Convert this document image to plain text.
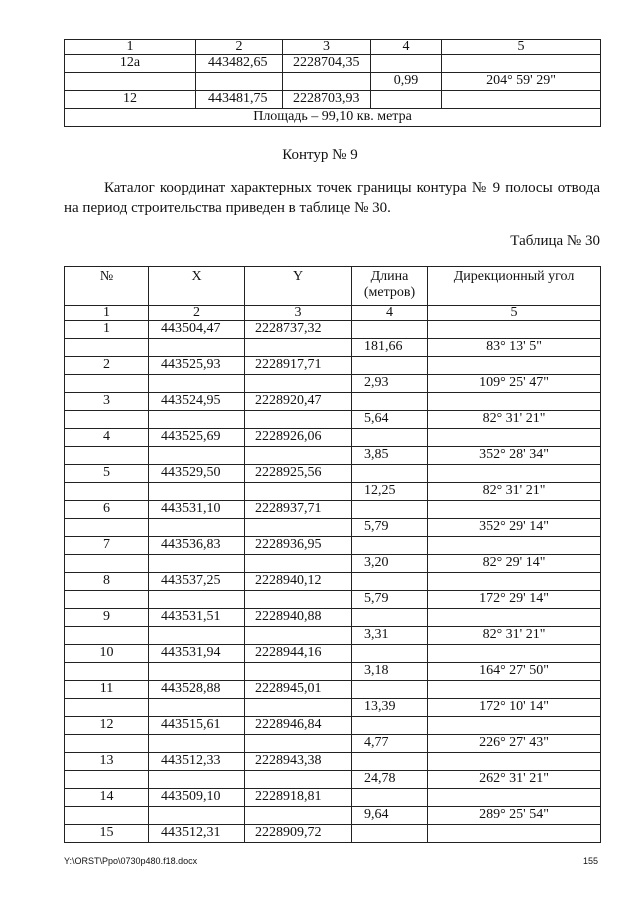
1	2	3	4	5
12а	443482,65	2228704,35		

			0,99	204° 59' 29"
12	443481,75	2228703,93		

Площадь – 99,10 кв. метра				

Контур № 9

Каталог координат характерных точек границы контура № 9 полосы отвода на период строительства приведен в таблице № 30.

Таблица № 30

№	X	Y	Длина (метров)	Дирекционный угол
1	2	3	4	5
1	443504,47	2228737,32		

			181,66	83° 13' 5"
2	443525,93	2228917,71		

			2,93	109° 25' 47"
3	443524,95	2228920,47		

			5,64	82° 31' 21"
4	443525,69	2228926,06		

			3,85	352° 28' 34"
5	443529,50	2228925,56		

			12,25	82° 31' 21"
6	443531,10	2228937,71		

			5,79	352° 29' 14"
7	443536,83	2228936,95		

			3,20	82° 29' 14"
8	443537,25	2228940,12		

			5,79	172° 29' 14"
9	443531,51	2228940,88		

			3,31	82° 31' 21"
10	443531,94	2228944,16		

			3,18	164° 27' 50"
11	443528,88	2228945,01		

			13,39	172° 10' 14"
12	443515,61	2228946,84		

			4,77	226° 27' 43"
13	443512,33	2228943,38		

			24,78	262° 31' 21"
14	443509,10	2228918,81		

			9,64	289° 25' 54"
15	443512,31	2228909,72		

Y:\ORST\Ppo\0730p480.f18.docx	155
